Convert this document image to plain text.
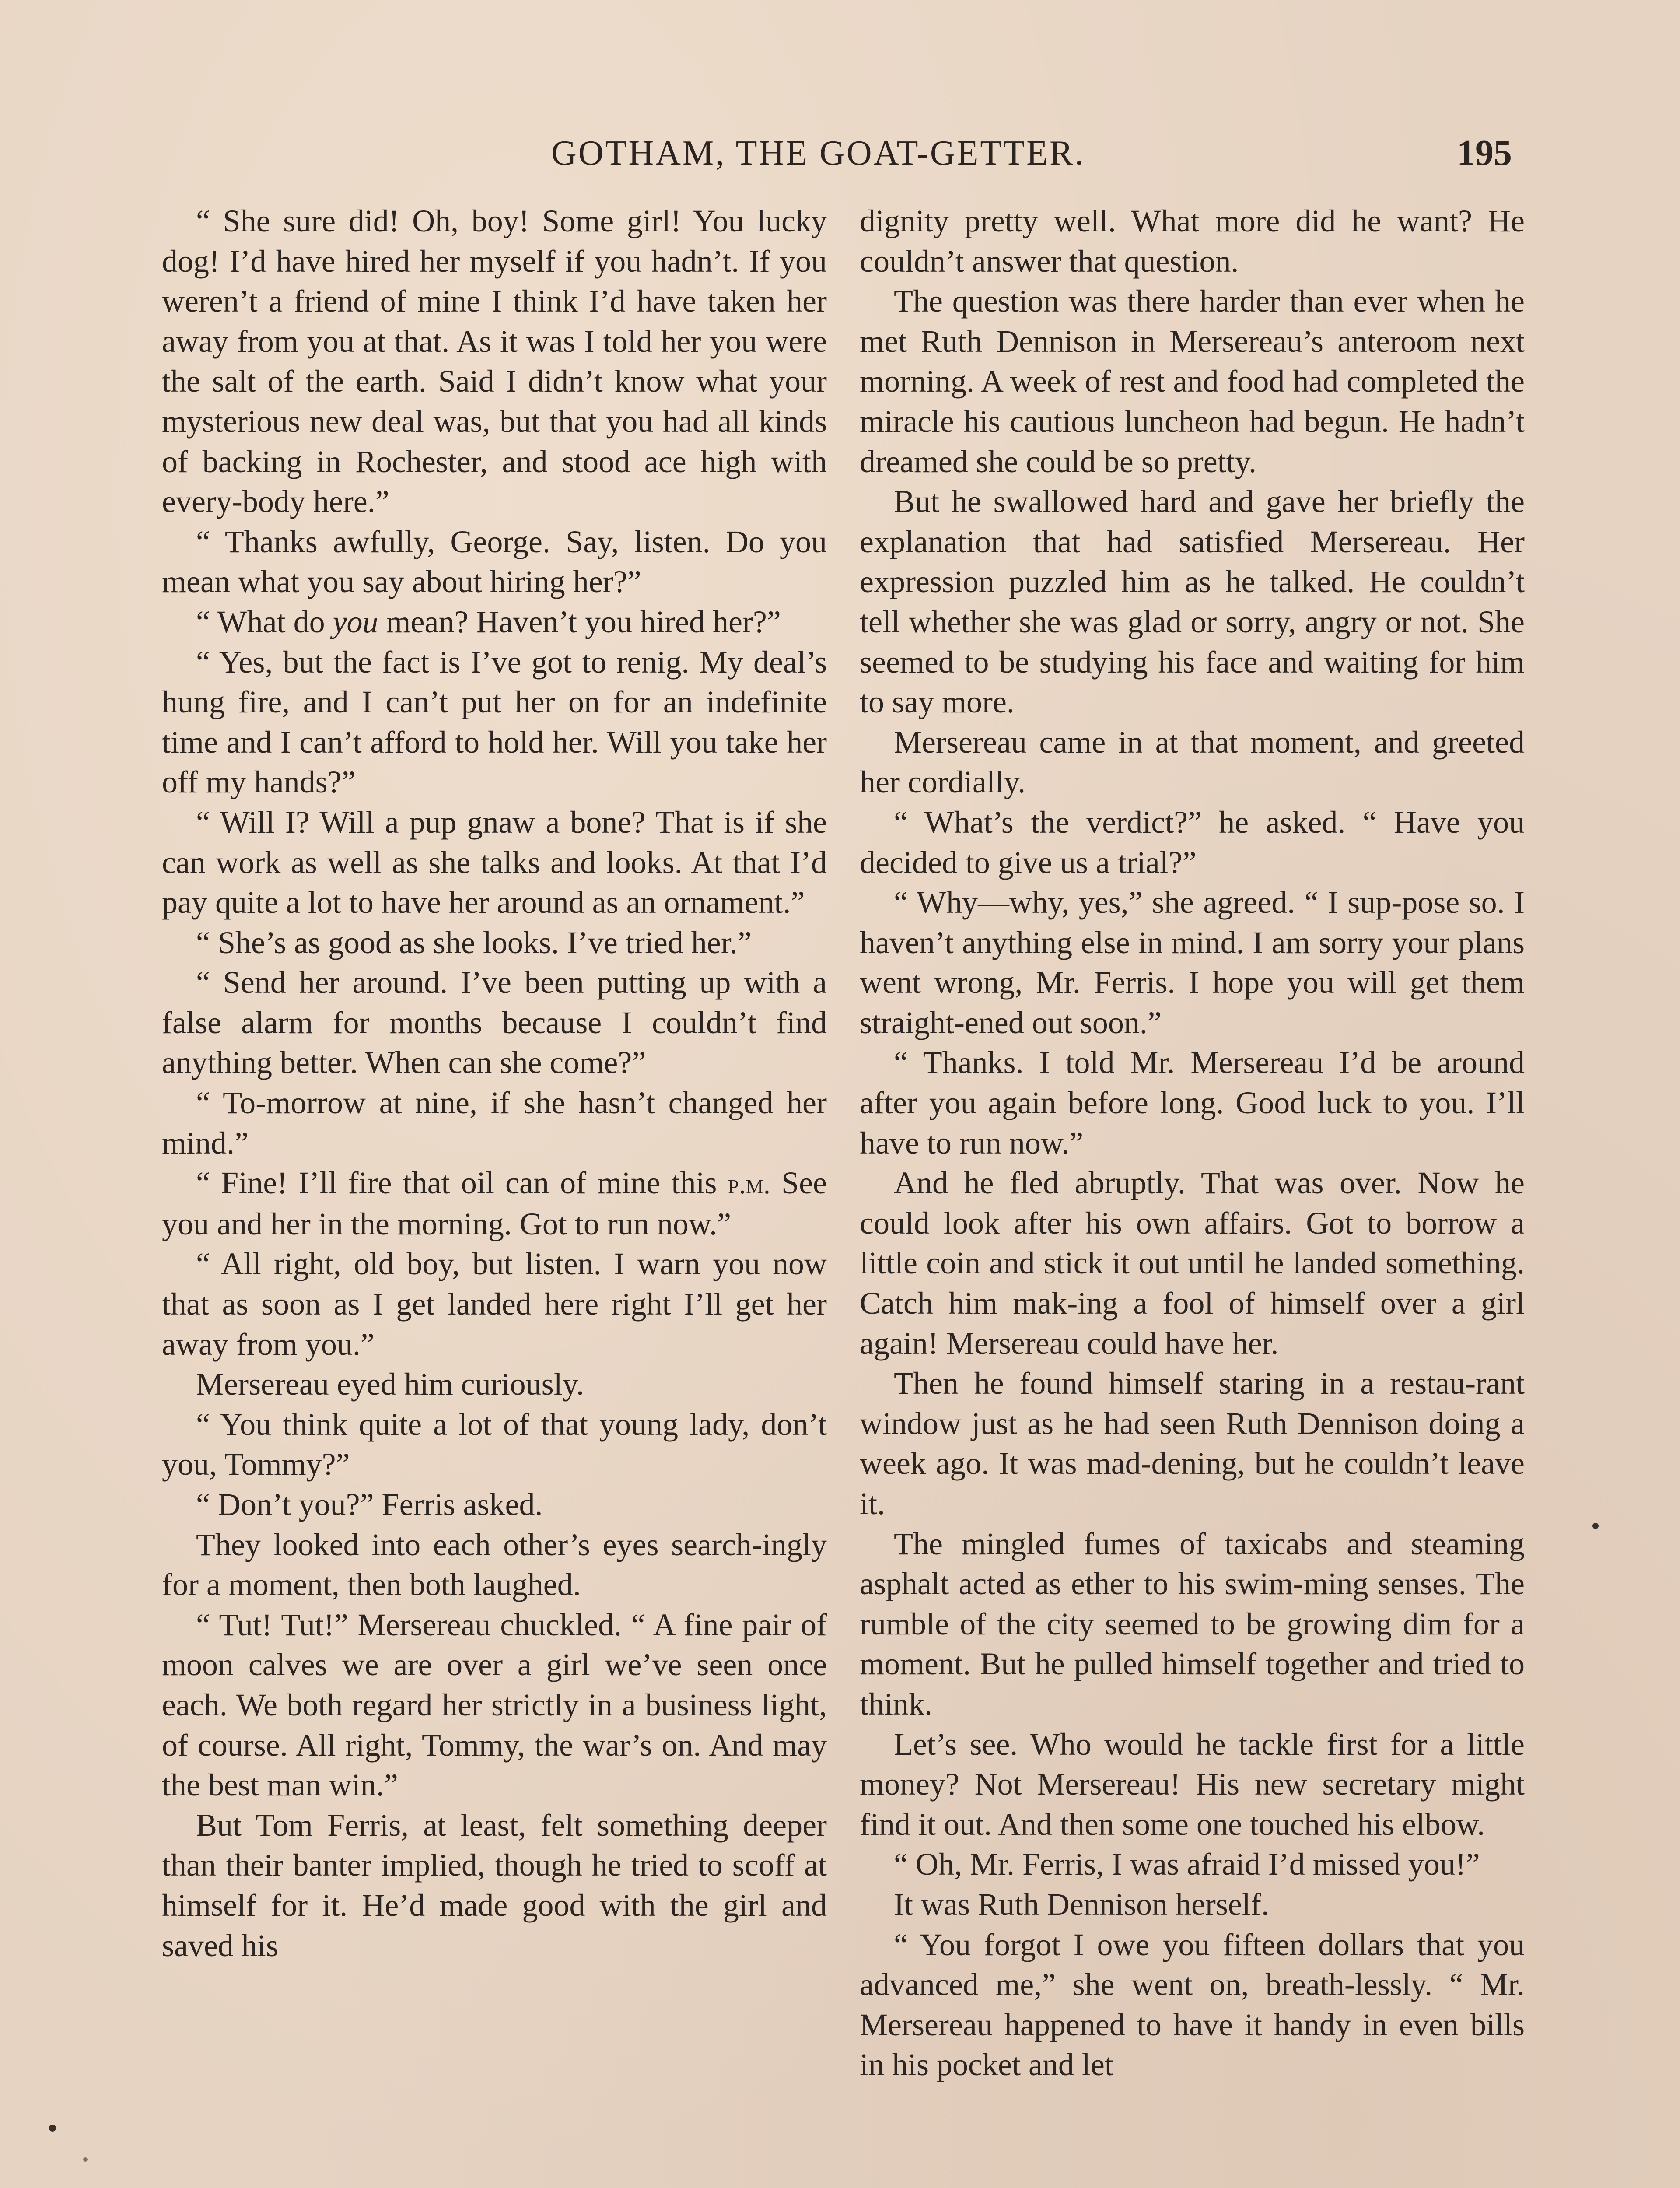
GOTHAM, THE GOAT-GETTER.	195

“ She sure did! Oh, boy! Some girl! You lucky dog! I’d have hired her myself if you hadn’t. If you weren’t a friend of mine I think I’d have taken her away from you at that. As it was I told her you were the salt of the earth. Said I didn’t know what your mysterious new deal was, but that you had all kinds of backing in Rochester, and stood ace high with every-body here.”

“ Thanks awfully, George. Say, listen. Do you mean what you say about hiring her?”

“ What do you mean? Haven’t you hired her?”

“ Yes, but the fact is I’ve got to renig. My deal’s hung fire, and I can’t put her on for an indefinite time and I can’t afford to hold her. Will you take her off my hands?”

“ Will I? Will a pup gnaw a bone? That is if she can work as well as she talks and looks. At that I’d pay quite a lot to have her around as an ornament.”

“ She’s as good as she looks. I’ve tried her.”

“ Send her around. I’ve been putting up with a false alarm for months because I couldn’t find anything better. When can she come?”

“ To-morrow at nine, if she hasn’t changed her mind.”

“ Fine! I’ll fire that oil can of mine this p.m. See you and her in the morning. Got to run now.”

“ All right, old boy, but listen. I warn you now that as soon as I get landed here right I’ll get her away from you.”

Mersereau eyed him curiously.

“ You think quite a lot of that young lady, don’t you, Tommy?”

“ Don’t you?” Ferris asked.

They looked into each other’s eyes search-ingly for a moment, then both laughed.

“ Tut! Tut!” Mersereau chuckled. “ A fine pair of moon calves we are over a girl we’ve seen once each. We both regard her strictly in a business light, of course. All right, Tommy, the war’s on. And may the best man win.”

But Tom Ferris, at least, felt something deeper than their banter implied, though he tried to scoff at himself for it. He’d made good with the girl and saved his

dignity pretty well. What more did he want? He couldn’t answer that question.

The question was there harder than ever when he met Ruth Dennison in Mersereau’s anteroom next morning. A week of rest and food had completed the miracle his cautious luncheon had begun. He hadn’t dreamed she could be so pretty.

But he swallowed hard and gave her briefly the explanation that had satisfied Mersereau. Her expression puzzled him as he talked. He couldn’t tell whether she was glad or sorry, angry or not. She seemed to be studying his face and waiting for him to say more.

Mersereau came in at that moment, and greeted her cordially.

“ What’s the verdict?” he asked. “ Have you decided to give us a trial?”

“ Why—why, yes,” she agreed. “ I sup-pose so. I haven’t anything else in mind. I am sorry your plans went wrong, Mr. Ferris. I hope you will get them straight-ened out soon.”

“ Thanks. I told Mr. Mersereau I’d be around after you again before long. Good luck to you. I’ll have to run now.”

And he fled abruptly. That was over. Now he could look after his own affairs. Got to borrow a little coin and stick it out until he landed something. Catch him mak-ing a fool of himself over a girl again! Mersereau could have her.

Then he found himself staring in a restau-rant window just as he had seen Ruth Dennison doing a week ago. It was mad-dening, but he couldn’t leave it.

The mingled fumes of taxicabs and steaming asphalt acted as ether to his swim-ming senses. The rumble of the city seemed to be growing dim for a moment. But he pulled himself together and tried to think.

Let’s see. Who would he tackle first for a little money? Not Mersereau! His new secretary might find it out. And then some one touched his elbow.

“ Oh, Mr. Ferris, I was afraid I’d missed you!”

It was Ruth Dennison herself.

“ You forgot I owe you fifteen dollars that you advanced me,” she went on, breath-lessly. “ Mr. Mersereau happened to have it handy in even bills in his pocket and let
